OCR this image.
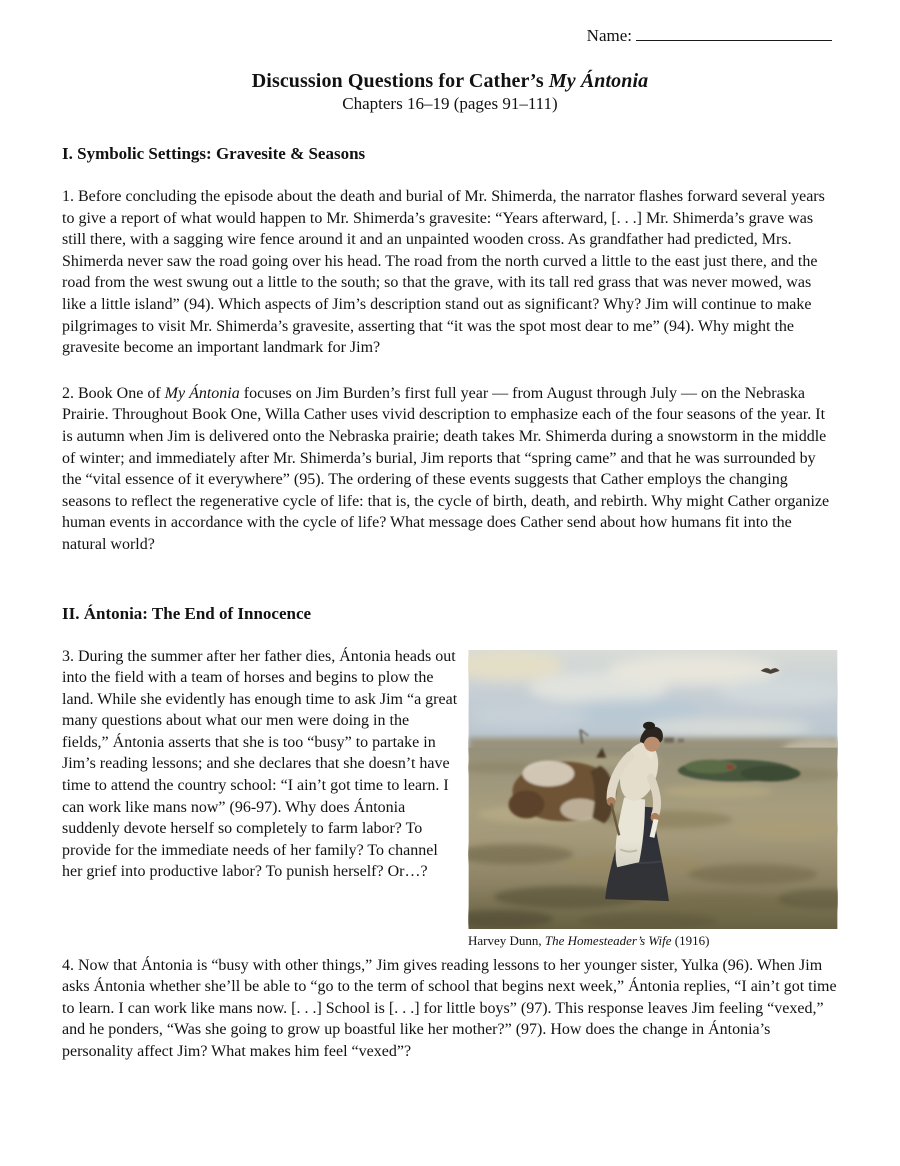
Name:
Discussion Questions for Cather’s My Ántonia
Chapters 16–19 (pages 91–111)
I. Symbolic Settings: Gravesite & Seasons

1. Before concluding the episode about the death and burial of Mr. Shimerda, the narrator flashes forward several years to give a report of what would happen to Mr. Shimerda’s gravesite: “Years afterward, [. . .] Mr. Shimerda’s grave was still there, with a sagging wire fence around it and an unpainted wooden cross. As grandfather had predicted, Mrs. Shimerda never saw the road going over his head. The road from the north curved a little to the east just there, and the road from the west swung out a little to the south; so that the grave, with its tall red grass that was never mowed, was like a little island” (94). Which aspects of Jim’s description stand out as significant? Why? Jim will continue to make pilgrimages to visit Mr. Shimerda’s gravesite, asserting that “it was the spot most dear to me” (94). Why might the gravesite become an important landmark for Jim?

2. Book One of My Ántonia focuses on Jim Burden’s first full year — from August through July — on the Nebraska Prairie. Throughout Book One, Willa Cather uses vivid description to emphasize each of the four seasons of the year. It is autumn when Jim is delivered onto the Nebraska prairie; death takes Mr. Shimerda during a snowstorm in the middle of winter; and immediately after Mr. Shimerda’s burial, Jim reports that “spring came” and that he was surrounded by the “vital essence of it everywhere” (95). The ordering of these events suggests that Cather employs the changing seasons to reflect the regenerative cycle of life: that is, the cycle of birth, death, and rebirth. Why might Cather organize human events in accordance with the cycle of life? What message does Cather send about how humans fit into the natural world?

II. Ántonia: The End of Innocence
Harvey Dunn, The Homesteader’s Wife (1916)

3. During the summer after her father dies, Ántonia heads out into the field with a team of horses and begins to plow the land. While she evidently has enough time to ask Jim “a great many questions about what our men were doing in the fields,” Ántonia asserts that she is too “busy” to partake in Jim’s reading lessons; and she declares that she doesn’t have time to attend the country school: “I ain’t got time to learn. I can work like mans now” (96-97). Why does Ántonia suddenly devote herself so completely to farm labor? To provide for the immediate needs of her family? To channel her grief into productive labor? To punish herself? Or…?

4. Now that Ántonia is “busy with other things,” Jim gives reading lessons to her younger sister, Yulka (96). When Jim asks Ántonia whether she’ll be able to “go to the term of school that begins next week,” Ántonia replies, “I ain’t got time to learn. I can work like mans now. [. . .] School is [. . .] for little boys” (97). This response leaves Jim feeling “vexed,” and he ponders, “Was she going to grow up boastful like her mother?” (97). How does the change in Ántonia’s personality affect Jim? What makes him feel “vexed”?
